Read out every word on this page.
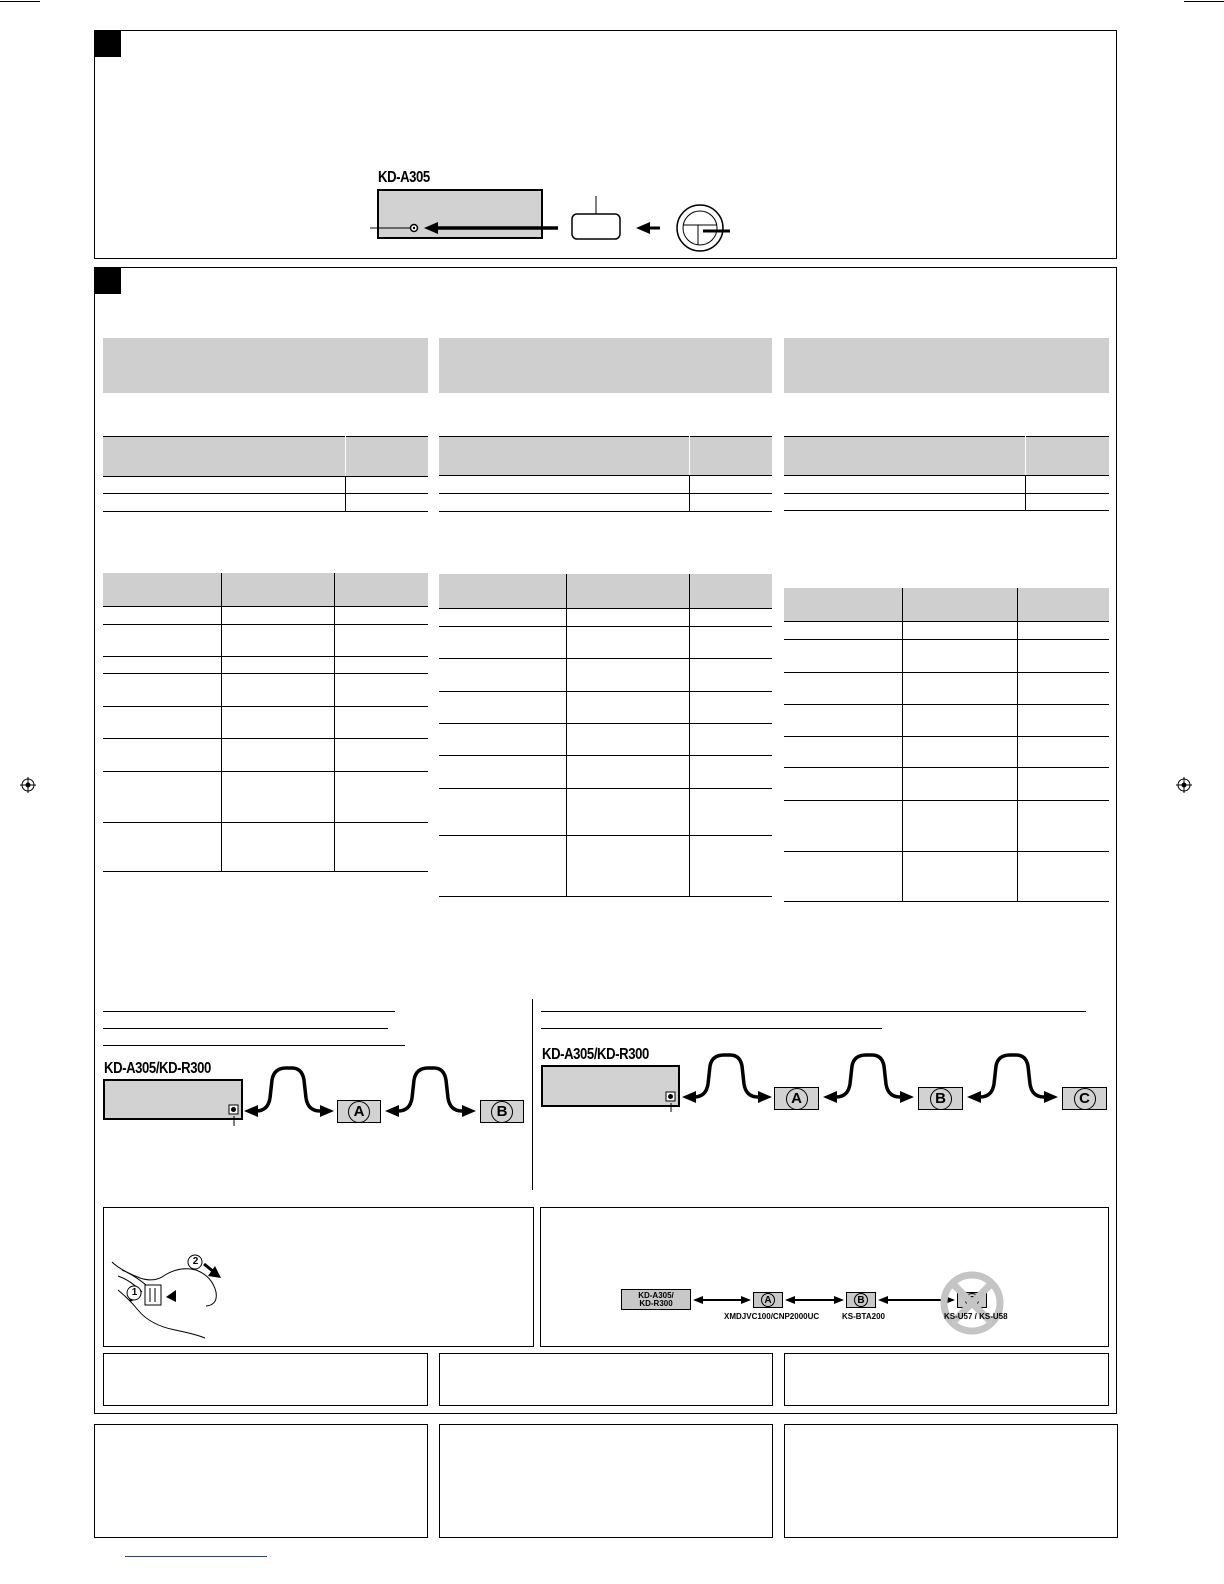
KD-A305
KD-A305/KD-R300
A	B
KD-A305/KD-R300
A	B	C
1
2
KD-A305/
KD-R300	A	B
XMDJVC100/CNP2000UC	KS-BTA200	KS-U57 / KS-U58
